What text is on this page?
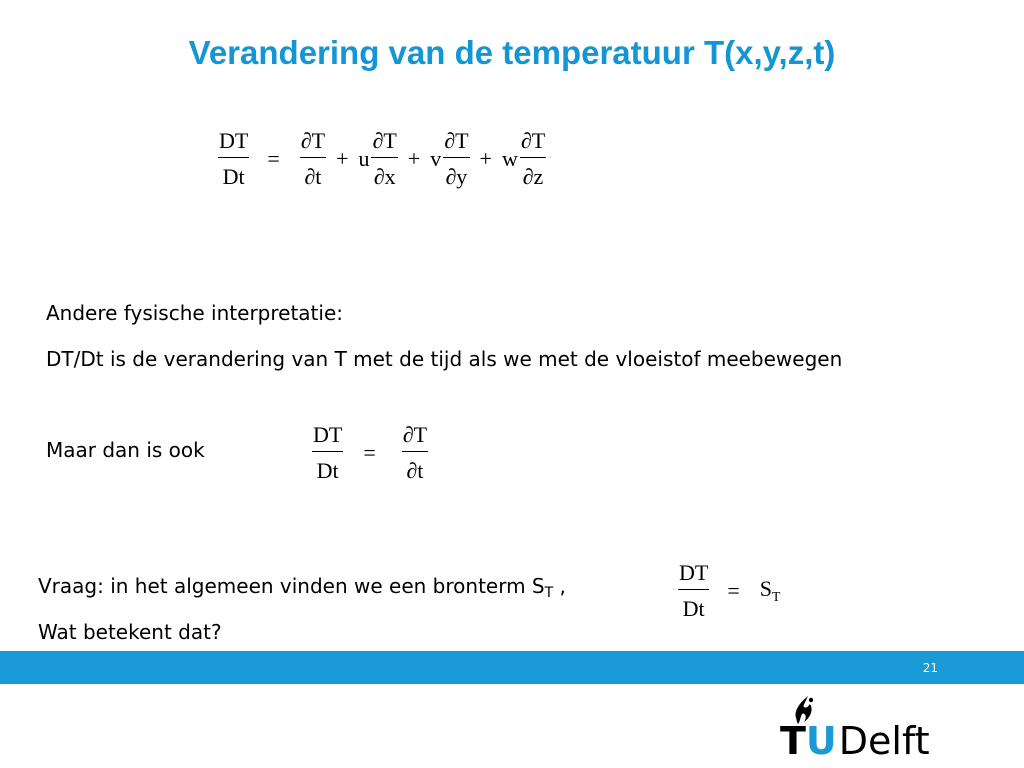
Verandering van de temperatuur T(x,y,z,t)
$\frac{DT}{Dt} = \frac{\partial T}{\partial t} + u \frac{\partial T}{\partial x} + v \frac{\partial T}{\partial y} + w \frac{\partial T}{\partial z}$
Andere fysische interpretatie:
DT/Dt is de verandering van T met de tijd als we met de vloeistof meebewegen
Maar dan is ook	$\frac{DT}{Dt} = \frac{\partial T}{\partial t}$
Vraag: in het algemeen vinden we een bronterm $S_T$ ,
Wat betekent dat?
$\frac{DT}{Dt} = S_T$
21
T U Delft
